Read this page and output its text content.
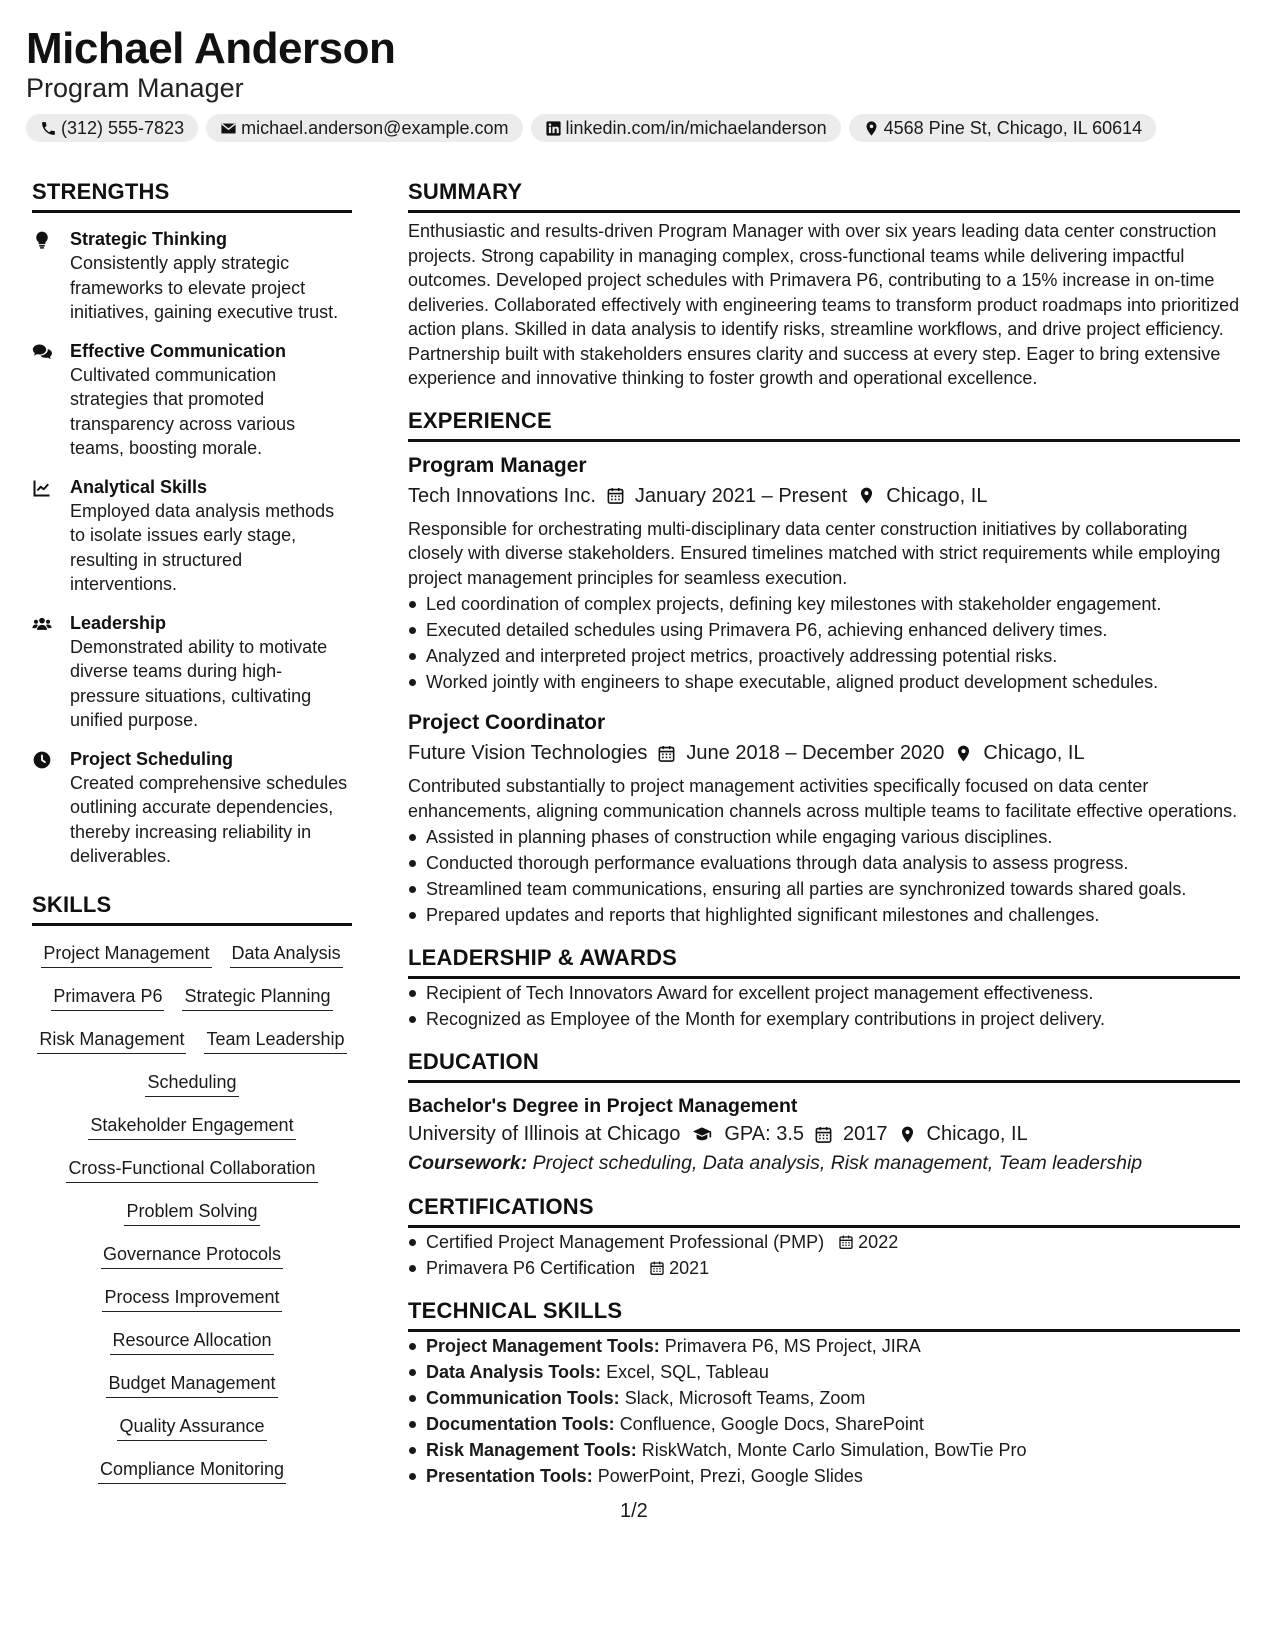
Michael Anderson
Program Manager
(312) 555-7823	michael.anderson@example.com	linkedin.com/in/michaelanderson	4568 Pine St, Chicago, IL 60614
STRENGTHS
Strategic Thinking
Consistently apply strategic frameworks to elevate project initiatives, gaining executive trust.
Effective Communication
Cultivated communication strategies that promoted transparency across various teams, boosting morale.
Analytical Skills
Employed data analysis methods to isolate issues early stage, resulting in structured interventions.
Leadership
Demonstrated ability to motivate diverse teams during high-pressure situations, cultivating unified purpose.
Project Scheduling
Created comprehensive schedules outlining accurate dependencies, thereby increasing reliability in deliverables.
SKILLS
Project Management Data Analysis
Primavera P6 Strategic Planning
Risk Management Team Leadership
Scheduling
Stakeholder Engagement
Cross-Functional Collaboration
Problem Solving
Governance Protocols
Process Improvement
Resource Allocation
Budget Management
Quality Assurance
Compliance Monitoring
SUMMARY

Enthusiastic and results-driven Program Manager with over six years leading data center construction projects. Strong capability in managing complex, cross-functional teams while delivering impactful outcomes. Developed project schedules with Primavera P6, contributing to a 15% increase in on-time deliveries. Collaborated effectively with engineering teams to transform product roadmaps into prioritized action plans. Skilled in data analysis to identify risks, streamline workflows, and drive project efficiency. Partnership built with stakeholders ensures clarity and success at every step. Eager to bring extensive experience and innovative thinking to foster growth and operational excellence.

EXPERIENCE
Program Manager
Tech Innovations Inc. January 2021 – Present Chicago, IL

Responsible for orchestrating multi-disciplinary data center construction initiatives by collaborating closely with diverse stakeholders. Ensured timelines matched with strict requirements while employing project management principles for seamless execution.

Led coordination of complex projects, defining key milestones with stakeholder engagement.
Executed detailed schedules using Primavera P6, achieving enhanced delivery times.
Analyzed and interpreted project metrics, proactively addressing potential risks.
Worked jointly with engineers to shape executable, aligned product development schedules.
Project Coordinator
Future Vision Technologies June 2018 – December 2020 Chicago, IL

Contributed substantially to project management activities specifically focused on data center enhancements, aligning communication channels across multiple teams to facilitate effective operations.

Assisted in planning phases of construction while engaging various disciplines.
Conducted thorough performance evaluations through data analysis to assess progress.
Streamlined team communications, ensuring all parties are synchronized towards shared goals.
Prepared updates and reports that highlighted significant milestones and challenges.
LEADERSHIP & AWARDS
Recipient of Tech Innovators Award for excellent project management effectiveness.
Recognized as Employee of the Month for exemplary contributions in project delivery.
EDUCATION
Bachelor's Degree in Project Management
University of Illinois at Chicago GPA: 3.5 2017 Chicago, IL
Coursework: Project scheduling, Data analysis, Risk management, Team leadership
CERTIFICATIONS
Certified Project Management Professional (PMP) 2022
Primavera P6 Certification 2021
TECHNICAL SKILLS
Project Management Tools: Primavera P6, MS Project, JIRA
Data Analysis Tools: Excel, SQL, Tableau
Communication Tools: Slack, Microsoft Teams, Zoom
Documentation Tools: Confluence, Google Docs, SharePoint
Risk Management Tools: RiskWatch, Monte Carlo Simulation, BowTie Pro
Presentation Tools: PowerPoint, Prezi, Google Slides
1/2
